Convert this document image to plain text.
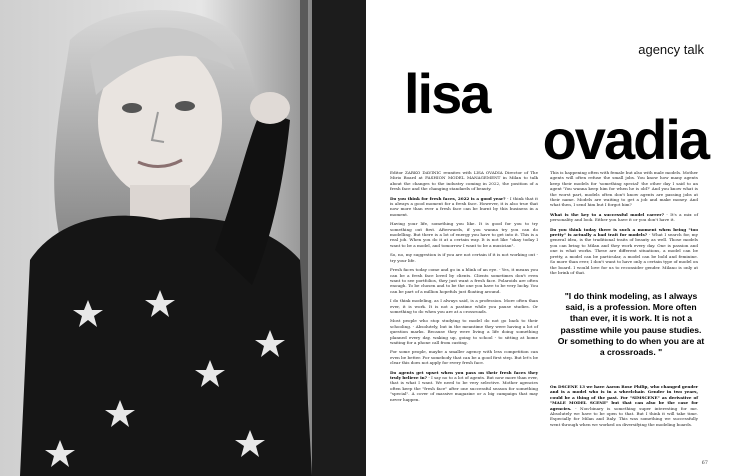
agency talk
lisa
ovadia

Editor ZARKO DAVINIC reunites with LISA OVADIA Director of The Mirio Board at FASHION MODEL MANAGEMENT in Milan to talk about the changes to the industry coming in 2022, the position of a fresh face and the changing standards of beauty.

Do you think for fresh faces, 2022 is a good year? - I think that it is always a good moment for a fresh face. However, it is also true that now more than ever a fresh face can be burnt by this business in a moment.

Having your life, something you like. It is good for you to try something out first. Afterwards, if you wanna try you can do modelling. But there is a lot of energy you have to get into it. This is a real job. When you do it at a certain way. It is not like "okay today I want to be a model, and tomorrow I want to be a musician".

So, no, my suggestion is if you are not certain if it is not working out - try your life.

Fresh faces today come and go in a blink of an eye. - Yes, it means you can be a fresh face loved by clients. Clients sometimes don't even want to see portfolios, they just want a fresh face. Polaroids are often enough. To be chosen and to be the one you have to be very lucky. You can be part of a million hopefuls just floating around.

I do think modeling, as I always said, is a profession. More often than ever, it is work. It is not a pastime while you pause studies. Or something to do when you are at a crossroads.

Most people who stop studying to model do not go back to their schooling. - Absolutely, but in the meantime they were having a lot of question marks. Because they were living a life doing something planned every day, waking up, going to school - to sitting at home waiting for a phone call from casting.

For some people, maybe a smaller agency with less competition can even be better. For somebody that can be a good first step. But let's be clear this does not apply for every fresh face.

Do agents get upset when you pass on their fresh faces they truly believe in? - I say no to a lot of agents. But now more than ever, that is what I want. We need to be very selective. Mother agencies often keep the "fresh face" after one successful season for something "special". A cover of massive magazine or a big campaign that may never happen.

This is happening often with female but also with male models. Mother agents will often refuse the small jobs. You know how many agents keep their models for 'something special' the other day I said to an agent 'You wanna keep him for when he is old?' And you know what is the worst part, models often don't know agents are passing jobs at their name. Models are waiting to get a job and make money. And what then, I send him but I forgot him?

What is the key to a successful model career? - It's a mix of personality and look. Either you have it or you don't have it.

Do you think today there is such a moment when being "too pretty" is actually a bad trait for models? - What I search for, my general idea, is the traditional traits of beauty as well. Those models you can bring to Milan and they work every day. One is passion and one is what works. These are different situations, a model can be pretty, a model can be particular, a model can be bold and feminine. So more than ever, I don't want to have only a certain type of model on the board. I would love for us to reconsider gender. Milano is only at the brink of that.

"I do think modeling, as I always said, is a profession. More often than ever, it is work. It is not a passtime while you pause studies. Or something to do when you are at a crossroads. "

On DSCENE 13 we have Aaron Rose Philip, who changed gender and is a model who is in a wheelchair. Gender in two years, could be a thing of the past. For "SIMSCENE" as derivative of "MALE MODEL SCENE" but that can also be the case for agencies. - Non-binary is something super interesting for me. Absolutely we have to be open to that. But I think it will take time. Especially for Milan and Italy. This was something we successfully went through when we worked on diversifying the modeling boards.

67
